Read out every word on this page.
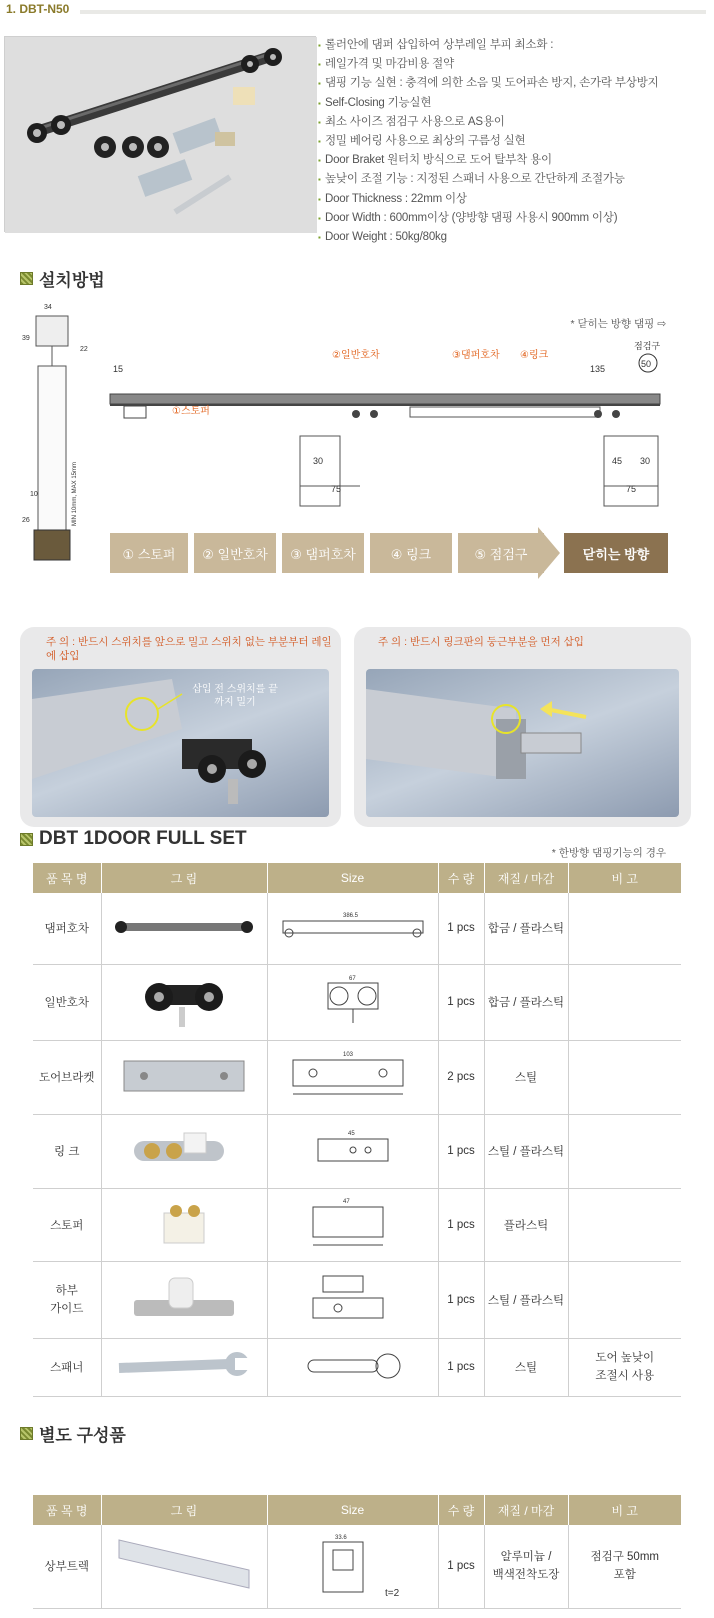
1. DBT-N50
▪ 롤러안에 댐퍼 삽입하여 상부레일 부피 최소화 :
▪ 레일가격 및 마감비용 절약
▪ 댐핑 기능 실현 : 충격에 의한 소음 및 도어파손 방지, 손가락 부상방지
▪ Self-Closing 기능실현
▪ 최소 사이즈 점검구 사용으로 AS용이
▪ 정밀 베어링 사용으로 최상의 구름성 실현
▪ Door Braket 원터치 방식으로 도어 탈부착 용이
▪ 높낮이 조절 기능 : 지정된 스패너 사용으로 간단하게 조절가능
▪ Door Thickness : 22mm 이상
▪ Door Width : 600mm이상 (양방향 댐핑 사용시 900mm 이상)
▪ Door Weight : 50kg/80kg
설치방법
* 닫히는 방향 댐핑 ⇨
34
39
22
10
26	MIN 10mm, MAX 15mm
15	135
점검구
50
30
75
45 30
75
①스토퍼
②일반호차	③댐퍼호차 ④링크
① 스토퍼	② 일반호차	③ 댐퍼호차	④ 링크	⑤ 점검구	닫히는 방향
주 의 : 반드시 스위치를 앞으로 밀고 스위치 없는 부분부터 레일에 삽입
삽입 전 스위치를 끝까지 밀기
주 의 : 반드시 링크판의 둥근부분을 먼저 삽입
DBT 1DOOR FULL SET
* 한방향 댐핑기능의 경우
품 목 명	그 림	Size	수 량	재질 / 마감	비 고
댐퍼호차		386.5	1 pcs	합금 / 플라스틱	
일반호차		67	1 pcs	합금 / 플라스틱	
도어브라켓		103	2 pcs	스틸	
링 크		45	1 pcs	스틸 / 플라스틱	
스토퍼		47	1 pcs	플라스틱	
하부
가이드			1 pcs	스틸 / 플라스틱	
스패너			1 pcs	스틸	도어 높낮이
조절시 사용
별도 구성품
품 목 명	그 림	Size	수 량	재질 / 마감	비 고
상부트렉		33.6
t=2	1 pcs	알루미늄 /
백색전착도장	점검구 50mm
포함
